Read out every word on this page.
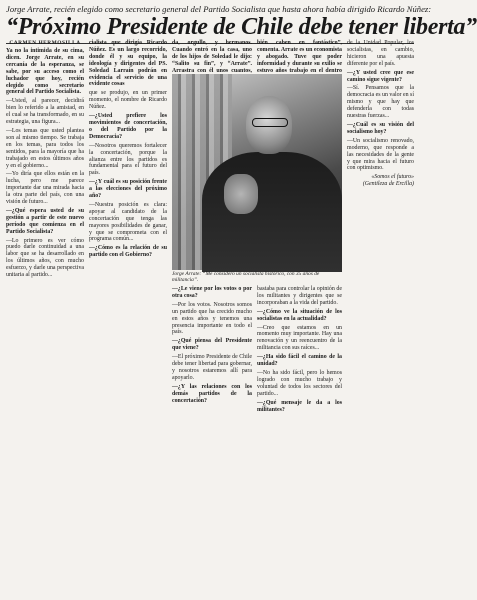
Jorge Arrate, recién elegido como secretario general del Partido Socialista que hasta ahora había dirigido Ricardo Núñez:
“Próximo Presidente de Chile debe tener liberta”
CARMEN HERMOSILLA

Ya no la intimida de su cima, dicen. Jorge Arrate, en su cercanía de la esperanza, se sabe, por su acceso como el luchador que hoy, recién elegido como secretario general del Partido Socialista.

—Usted, al parecer, decidirá bien lo referido a la amistad, en el cual se ha transformado, en su estrategia, una figura...

—Los temas que usted plantea son al mismo tiempo. Se trabaja en los temas, para todos los sentidos, para la mayoría que ha trabajado en estos últimos años y en el gobierno...

—Yo diría que ellos están en la lucha, pero me parece importante dar una mirada hacia la otra parte del país, con una visión de futuro...

—¿Qué espera usted de su gestión a partir de este nuevo período que comienza en el Partido Socialista?

—Lo primero es ver cómo puedo darle continuidad a una labor que se ha desarrollado en los últimos años, con mucho esfuerzo, y darle una perspectiva unitaria al partido...

cialista que dirigía Ricardo Núñez. Es un largo recorrido, donde él y su equipo, la ideología y dirigentes del PS. Soledad Larraín podrán en evidencia el servicio de una evidente cosas

que se produjo, en un primer momento, el nombre de Ricardo Núñez.

—¿Usted prefiere los movimientos de concertación, o del Partido por la Democracia?

—Nosotros queremos fortalecer la concertación, porque la alianza entre los partidos es fundamental para el futuro del país.

—¿Y cuál es su posición frente a las elecciones del próximo año?

—Nuestra posición es clara: apoyar al candidato de la concertación que tenga las mayores posibilidades de ganar, y que se comprometa con el programa común...

—¿Cómo es la relación de su partido con el Gobierno?

da, orgullo, y hermanos. Cuando entró en la casa, uno de los hijos de Soledad le dijo: “Salito su fin”, y “Arrate”. Arrastra con él unos cuantos,

bién caben en fantástico”, comenta. Arrate es un economista y abogado. Tuve que poder informidad y durante su exilio se estuvo años trabajo en el dentro

Jorge Arrate: “Me considero un socialista histórico, con 35 años de militancia”.

—¿Le viene por los votos o por otra cosa?

—Por los votos. Nosotros somos un partido que ha crecido mucho en estos años y tenemos una presencia importante en todo el país.

—¿Qué piensa del Presidente que viene?

—El próximo Presidente de Chile debe tener libertad para gobernar, y nosotros estaremos allí para apoyarlo.

—¿Y las relaciones con los demás partidos de la concertación?

bastaba para controlar la opinión de los militantes y dirigentes que se incorporaban a la vida del partido.

—¿Cómo ve la situación de los socialistas en la actualidad?

—Creo que estamos en un momento muy importante. Hay una renovación y un reencuentro de la militancia con sus raíces...

—¿Ha sido fácil el camino de la unidad?

—No ha sido fácil, pero lo hemos logrado con mucho trabajo y voluntad de todos los sectores del partido...

—¿Qué mensaje le da a los militantes?

de la Unidad Popular, los socialistas, en cambio, hicieron una apuesta diferente por el país.

—¿Y usted cree que ese camino sigue vigente?

—Sí. Pensamos que la democracia es un valor en sí mismo y que hay que defenderla con todas nuestras fuerzas...

—¿Cuál es su visión del socialismo hoy?

—Un socialismo renovado, moderno, que responde a las necesidades de la gente y que mira hacia el futuro con optimismo.

«Somos el futuro» (Gentileza de Ercilla)
